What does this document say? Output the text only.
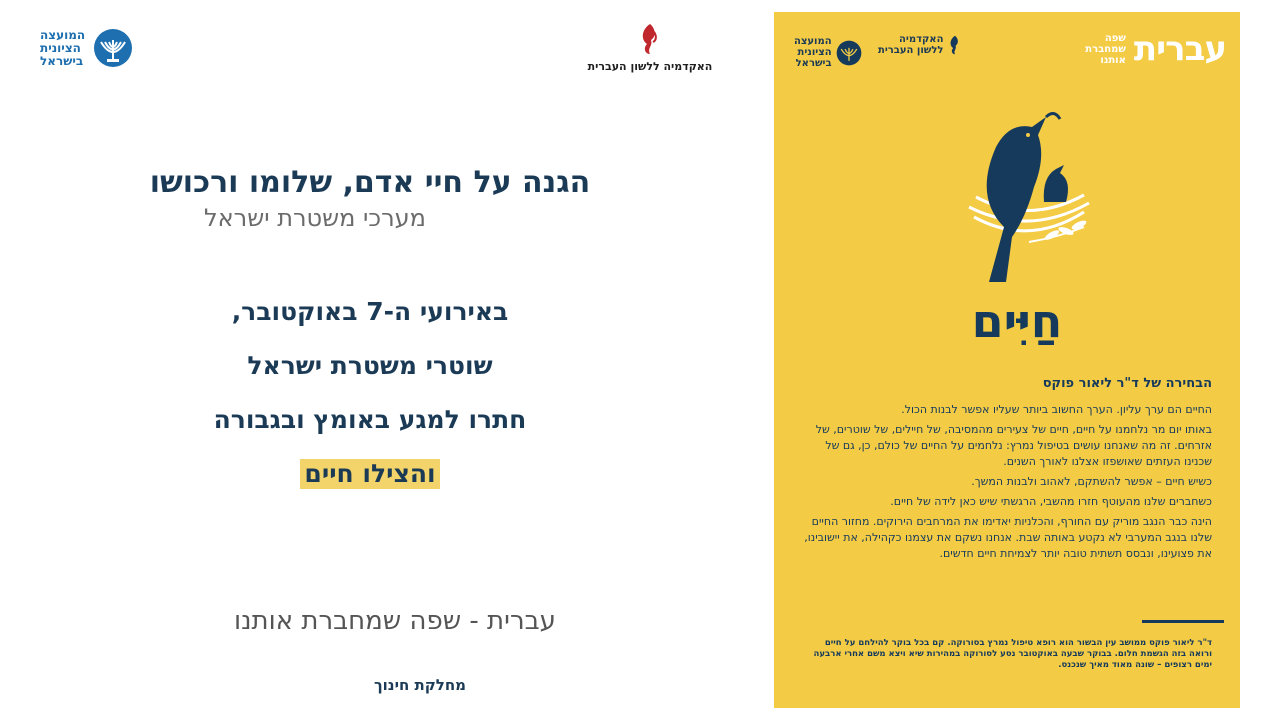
המועצה
הציונית
בישראל	האקדמיה ללשון העברית
הגנה על חיי אדם, שלומו ורכושו
מערכי משטרת ישראל
באירועי ה-7 באוקטובר,
שוטרי משטרת ישראל
חתרו למגע באומץ ובגבורה
והצילו חיים
עברית - שפה שמחברת אותנו
מחלקת חינוך
עברית
שפה
שמחברת
אותנו
האקדמיה
ללשון העברית
המועצה
הציונית
בישראל
חַיִּים
הבחירה של ד"ר ליאור פוקס

החיים הם ערך עליון. הערך החשוב ביותר שעליו אפשר לבנות הכול.

באותו יום מר נלחמנו על חיים, חיים של צעירים מהמסיבה, של חיילים, של שוטרים, של אזרחים. זה מה שאנחנו עושים בטיפול נמרץ: נלחמים על החיים של כולם, כן, גם של שכנינו העזתים שאושפזו אצלנו לאורך השנים.

כשיש חיים – אפשר להשתקם, לאהוב ולבנות המשך.

כשחברים שלנו מהעוטף חזרו מהשבי, הרגשתי שיש כאן לידה של חיים.

הינה כבר הנגב מוריק עם החורף, והכלניות יאדימו את המרחבים הירוקים. מחזור החיים שלנו בנגב המערבי לא נקטע באותה שבת. אנחנו נשקם את עצמנו כקהילה, את יישובינו, את פצועינו, ונבסס תשתית טובה יותר לצמיחת חיים חדשים.

ד"ר ליאור פוקס ממושב עין הבשור הוא רופא טיפול נמרץ בסורוקה. קם בכל בוקר להילחם על חיים ורואה בזה הגשמת חלום. בבוקר שבעה באוקטובר נסע לסורוקה במהירות שיא ויצא משם אחרי ארבעה ימים רצופים – שונה מאוד מאיך שנכנס.
